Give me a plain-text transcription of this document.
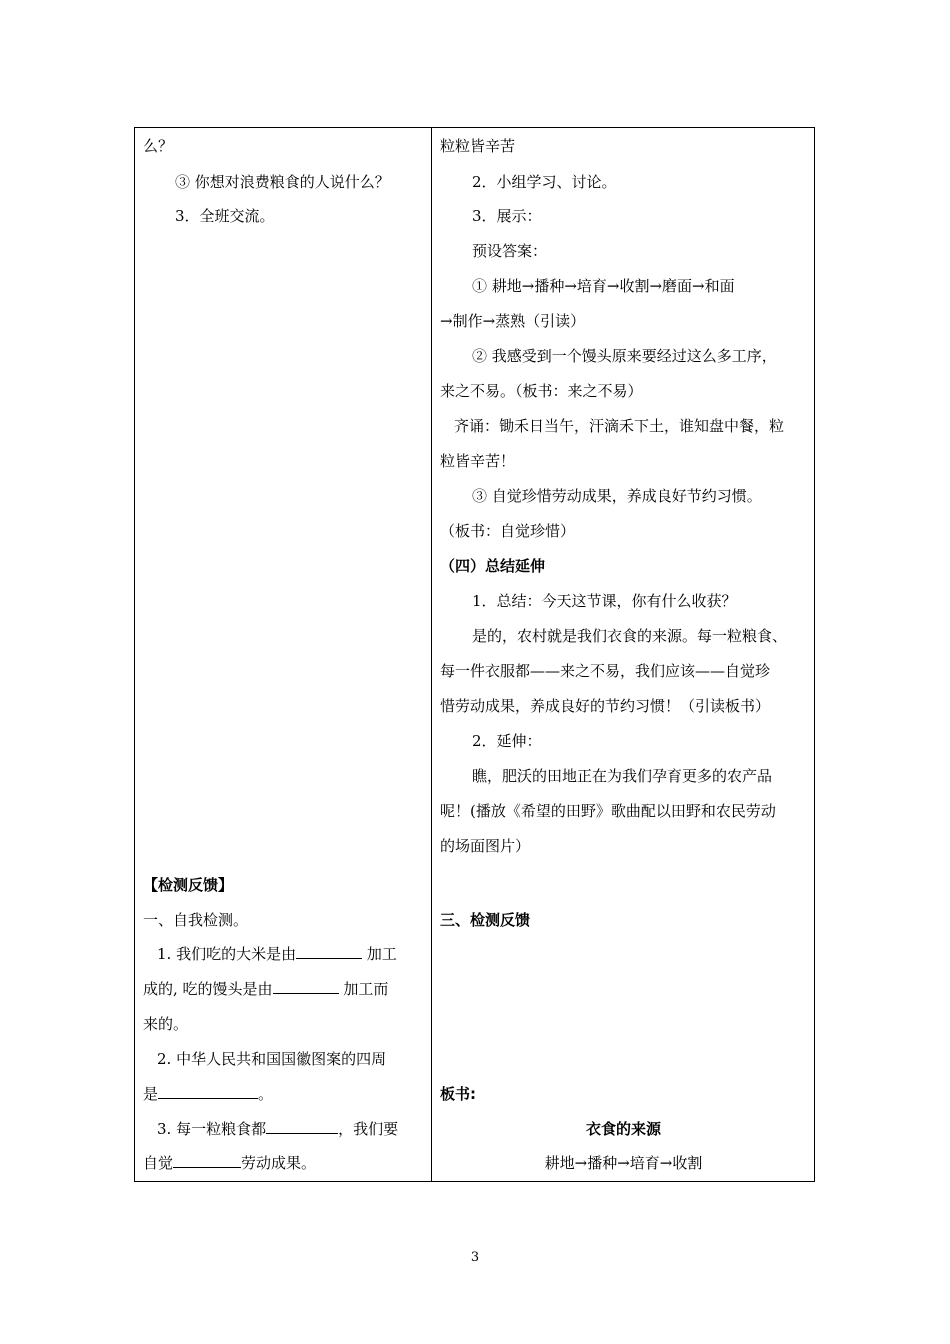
么？
③ 你想对浪费粮食的人说什么？
3．全班交流。
【检测反馈】
一、自我检测。
1. 我们吃的大米是由	加工
成的, 吃的馒头是由	加工而
来的。
2. 中华人民共和国国徽图案的四周
是	。
3. 每一粒粮食都	，我们要
自觉	劳动成果。
粒粒皆辛苦
2．小组学习、讨论。
3．展示：
预设答案：
① 耕地→播种→培育→收割→磨面→和面
→制作→蒸熟（引读）
② 我感受到一个馒头原来要经过这么多工序，
来之不易。（板书：来之不易）
齐诵：锄禾日当午，汗滴禾下土，谁知盘中餐，粒
粒皆辛苦！
③ 自觉珍惜劳动成果，养成良好节约习惯。
（板书：自觉珍惜）
（四）总结延伸
1．总结：今天这节课，你有什么收获？
是的，农村就是我们衣食的来源。每一粒粮食、
每一件衣服都——来之不易，我们应该——自觉珍
惜劳动成果，养成良好的节约习惯！（引读板书）
2．延伸：
瞧，肥沃的田地正在为我们孕育更多的农产品
呢！(播放《希望的田野》歌曲配以田野和农民劳动
的场面图片）
三、检测反馈
板书:
衣食的来源
耕地→播种→培育→收割
3
